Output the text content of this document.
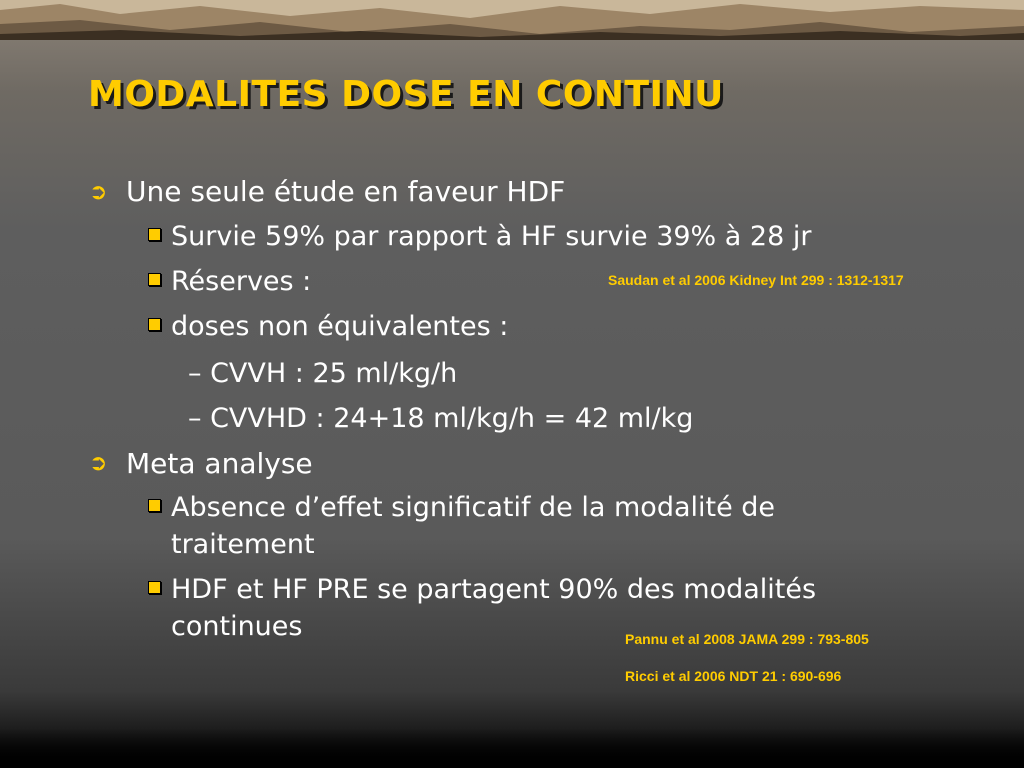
MODALITES DOSE EN CONTINU
➲ Une seule étude en faveur HDF
Survie 59% par rapport à HF survie 39% à 28 jr
Réserves :
doses non équivalentes :
– CVVH : 25 ml/kg/h
– CVVHD : 24+18 ml/kg/h = 42 ml/kg
➲ Meta analyse
Absence d’effet significatif de la modalité de
traitement
HDF et HF PRE se partagent 90% des modalités
continues
Saudan et al 2006 Kidney Int 299 : 1312-1317
Pannu et al 2008 JAMA 299 : 793-805
Ricci et al 2006 NDT 21 : 690-696
